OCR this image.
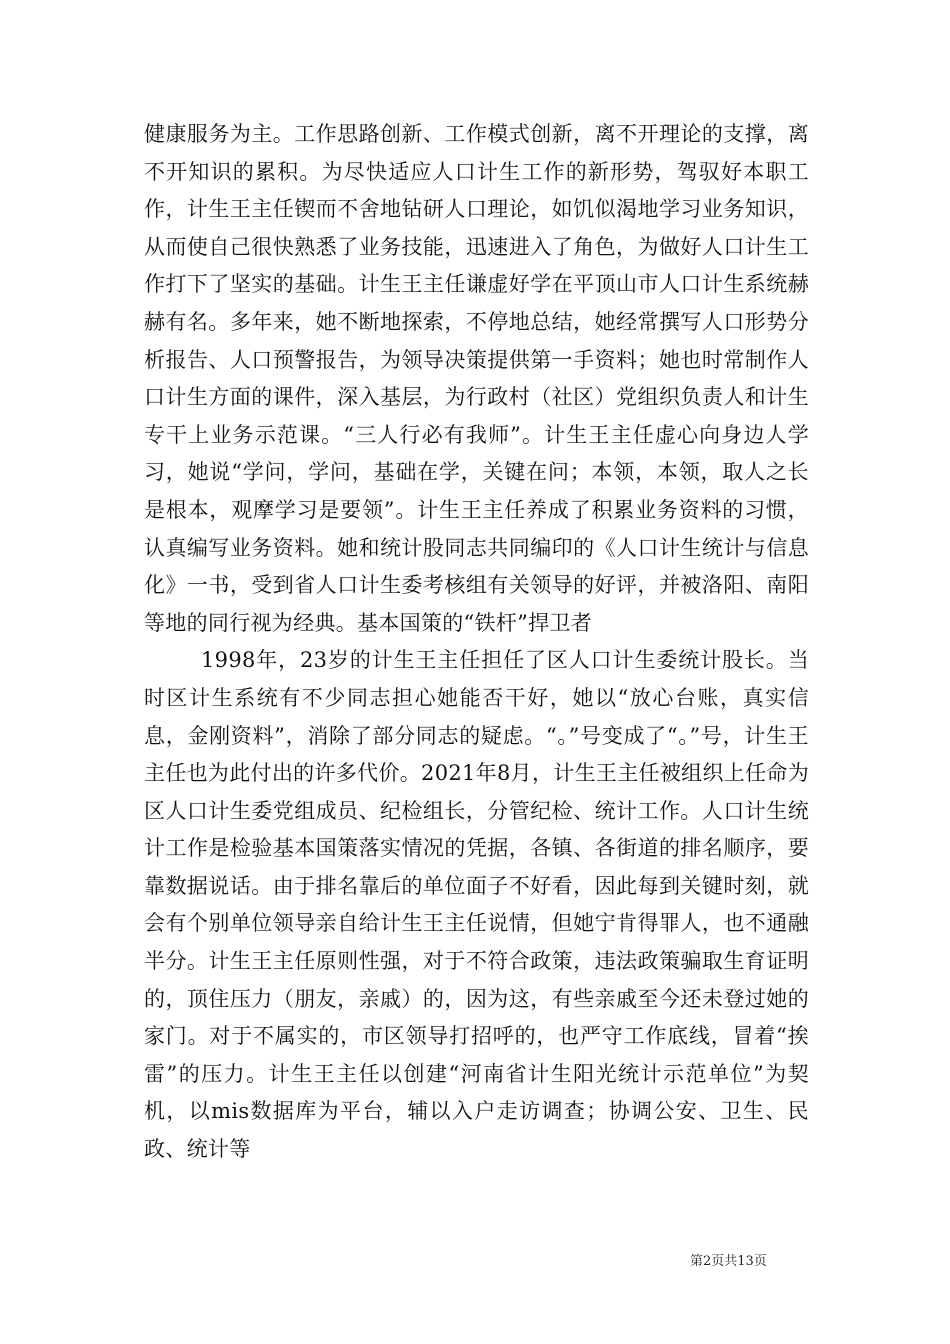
健康服务为主。工作思路创新、工作模式创新，离不开理论的支撑，离不开知识的累积。为尽快适应人口计生工作的新形势，驾驭好本职工作，计生王主任锲而不舍地钻研人口理论，如饥似渴地学习业务知识，从而使自己很快熟悉了业务技能，迅速进入了角色，为做好人口计生工作打下了坚实的基础。计生王主任谦虚好学在平顶山市人口计生系统赫赫有名。多年来，她不断地探索，不停地总结，她经常撰写人口形势分析报告、人口预警报告，为领导决策提供第一手资料；她也时常制作人口计生方面的课件，深入基层，为行政村（社区）党组织负责人和计生专干上业务示范课。“三人行必有我师”。计生王主任虚心向身边人学习，她说“学问，学问，基础在学，关键在问；本领，本领，取人之长是根本，观摩学习是要领”。计生王主任养成了积累业务资料的习惯，认真编写业务资料。她和统计股同志共同编印的《人口计生统计与信息化》一书，受到省人口计生委考核组有关领导的好评，并被洛阳、南阳等地的同行视为经典。基本国策的“铁杆”捍卫者

1998年，23岁的计生王主任担任了区人口计生委统计股长。当时区计生系统有不少同志担心她能否干好，她以“放心台账，真实信息，金刚资料”，消除了部分同志的疑虑。“。”号变成了“。”号，计生王主任也为此付出的许多代价。2021年8月，计生王主任被组织上任命为区人口计生委党组成员、纪检组长，分管纪检、统计工作。人口计生统计工作是检验基本国策落实情况的凭据，各镇、各街道的排名顺序，要靠数据说话。由于排名靠后的单位面子不好看，因此每到关键时刻，就会有个别单位领导亲自给计生王主任说情，但她宁肯得罪人，也不通融半分。计生王主任原则性强，对于不符合政策，违法政策骗取生育证明的，顶住压力（朋友，亲戚）的，因为这，有些亲戚至今还未登过她的家门。对于不属实的，市区领导打招呼的，也严守工作底线，冒着“挨雷”的压力。计生王主任以创建“河南省计生阳光统计示范单位”为契机，以mis数据库为平台，辅以入户走访调查；协调公安、卫生、民政、统计等

第2页共13页
